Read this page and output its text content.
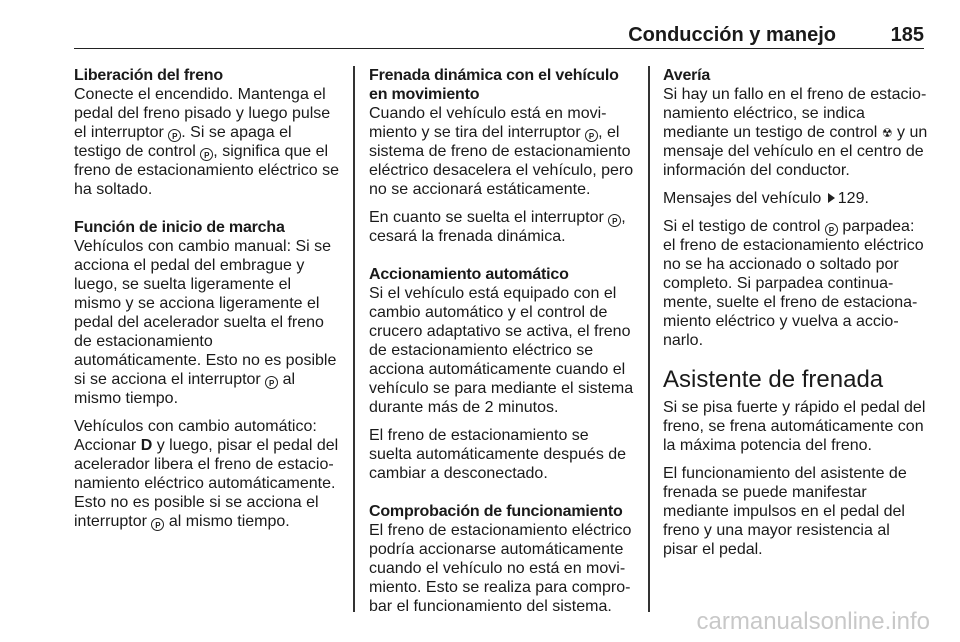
Conducción y manejo	185
Liberación del freno

Conecte el encendido. Mantenga el pedal del freno pisado y luego pulse el interruptor P . Si se apaga el testigo de control P , significa que el freno de estacionamiento eléctrico se ha soltado.

Función de inicio de marcha

Vehículos con cambio manual: Si se acciona el pedal del embrague y luego, se suelta ligeramente el mismo y se acciona ligeramente el pedal del acelerador suelta el freno de estacionamiento automáticamente. Esto no es posible si se acciona el interruptor P al mismo tiempo.

Vehículos con cambio automático: Accionar D y luego, pisar el pedal del acelerador libera el freno de estacionamiento eléctrico automáticamente. Esto no es posible si se acciona el interruptor P al mismo tiempo.

Frenada dinámica con el vehículo en movimiento

Cuando el vehículo está en movimiento y se tira del interruptor P , el sistema de freno de estacionamiento eléctrico desacelera el vehículo, pero no se accionará estáticamente.

En cuanto se suelta el interruptor P , cesará la frenada dinámica.

Accionamiento automático

Si el vehículo está equipado con el cambio automático y el control de crucero adaptativo se activa, el freno de estacionamiento eléctrico se acciona automáticamente cuando el vehículo se para mediante el sistema durante más de 2 minutos.

El freno de estacionamiento se suelta automáticamente después de cambiar a desconectado.

Comprobación de funcionamiento

El freno de estacionamiento eléctrico podría accionarse automáticamente cuando el vehículo no está en movimiento. Esto se realiza para comprobar el funcionamiento del sistema.

Avería

Si hay un fallo en el freno de estacionamiento eléctrico, se indica mediante un testigo de control ☢ y un mensaje del vehículo en el centro de información del conductor.

Mensajes del vehículo 129.

Si el testigo de control P parpadea: el freno de estacionamiento eléctrico no se ha accionado o soltado por completo. Si parpadea continuamente, suelte el freno de estacionamiento eléctrico y vuelva a accionarlo.

Asistente de frenada

Si se pisa fuerte y rápido el pedal del freno, se frena automáticamente con la máxima potencia del freno.

El funcionamiento del asistente de frenada se puede manifestar mediante impulsos en el pedal del freno y una mayor resistencia al pisar el pedal.

carmanualsonline.info
